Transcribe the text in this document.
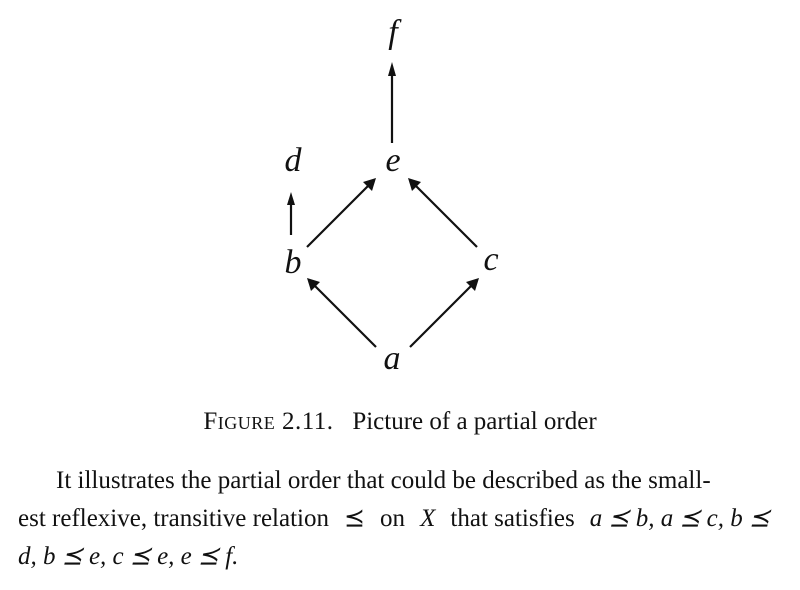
f
d e
b	c
a
Figure 2.11. Picture of a partial order
It illustrates the partial order that could be described as the small-
est reflexive, transitive relation ⪯ on X that satisfies a ⪯ b, a ⪯ c, b ⪯
d, b ⪯ e, c ⪯ e, e ⪯ f.
